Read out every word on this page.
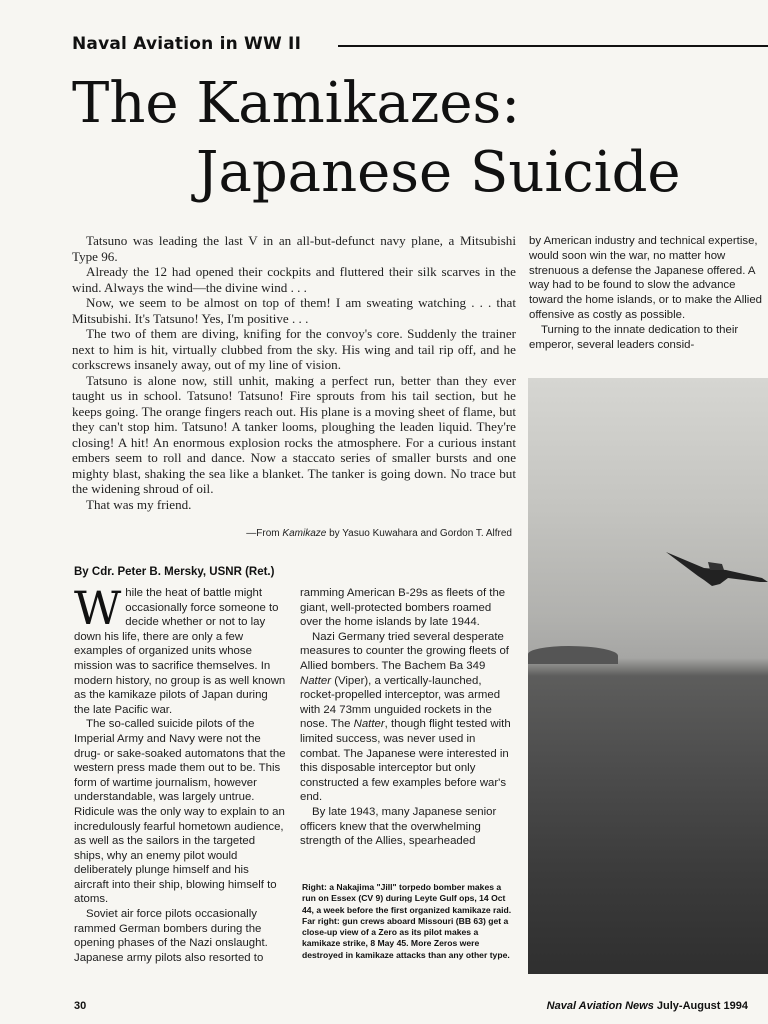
Naval Aviation in WW II
The Kamikazes:
Japanese Suicide

Tatsuno was leading the last V in an all-but-defunct navy plane, a Mitsubishi Type 96.

Already the 12 had opened their cockpits and fluttered their silk scarves in the wind. Always the wind—the divine wind . . .

Now, we seem to be almost on top of them! I am sweating watching . . . that Mitsubishi. It's Tatsuno! Yes, I'm positive . . .

The two of them are diving, knifing for the convoy's core. Suddenly the trainer next to him is hit, virtually clubbed from the sky. His wing and tail rip off, and he corkscrews insanely away, out of my line of vision.

Tatsuno is alone now, still unhit, making a perfect run, better than they ever taught us in school. Tatsuno! Tatsuno! Fire sprouts from his tail section, but he keeps going. The orange fingers reach out. His plane is a moving sheet of flame, but they can't stop him. Tatsuno! A tanker looms, ploughing the leaden liquid. They're closing! A hit! An enormous explosion rocks the atmosphere. For a curious instant embers seem to roll and dance. Now a staccato series of smaller bursts and one mighty blast, shaking the sea like a blanket. The tanker is going down. No trace but the widening shroud of oil.

That was my friend.

—From Kamikaze by Yasuo Kuwahara and Gordon T. Alfred

by American industry and technical expertise, would soon win the war, no matter how strenuous a defense the Japanese offered. A way had to be found to slow the advance toward the home islands, or to make the Allied offensive as costly as possible.

Turning to the innate dedication to their emperor, several leaders consid-

By Cdr. Peter B. Mersky, USNR (Ret.)

While the heat of battle might occasionally force someone to decide whether or not to lay down his life, there are only a few examples of organized units whose mission was to sacrifice themselves. In modern history, no group is as well known as the kamikaze pilots of Japan during the late Pacific war.

The so-called suicide pilots of the Imperial Army and Navy were not the drug- or sake-soaked automatons that the western press made them out to be. This form of wartime journalism, however understandable, was largely untrue. Ridicule was the only way to explain to an incredulously fearful hometown audience, as well as the sailors in the targeted ships, why an enemy pilot would deliberately plunge himself and his aircraft into their ship, blowing himself to atoms.

Soviet air force pilots occasionally rammed German bombers during the opening phases of the Nazi onslaught. Japanese army pilots also resorted to

ramming American B-29s as fleets of the giant, well-protected bombers roamed over the home islands by late 1944.

Nazi Germany tried several desperate measures to counter the growing fleets of Allied bombers. The Bachem Ba 349 Natter (Viper), a vertically-launched, rocket-propelled interceptor, was armed with 24 73mm unguided rockets in the nose. The Natter, though flight tested with limited success, was never used in combat. The Japanese were interested in this disposable interceptor but only constructed a few examples before war's end.

By late 1943, many Japanese senior officers knew that the overwhelming strength of the Allies, spearheaded

Right: a Nakajima "Jill" torpedo bomber makes a run on Essex (CV 9) during Leyte Gulf ops, 14 Oct 44, a week before the first organized kamikaze raid. Far right: gun crews aboard Missouri (BB 63) get a close-up view of a Zero as its pilot makes a kamikaze strike, 8 May 45. More Zeros were destroyed in kamikaze attacks than any other type.
30	Naval Aviation News July-August 1994
